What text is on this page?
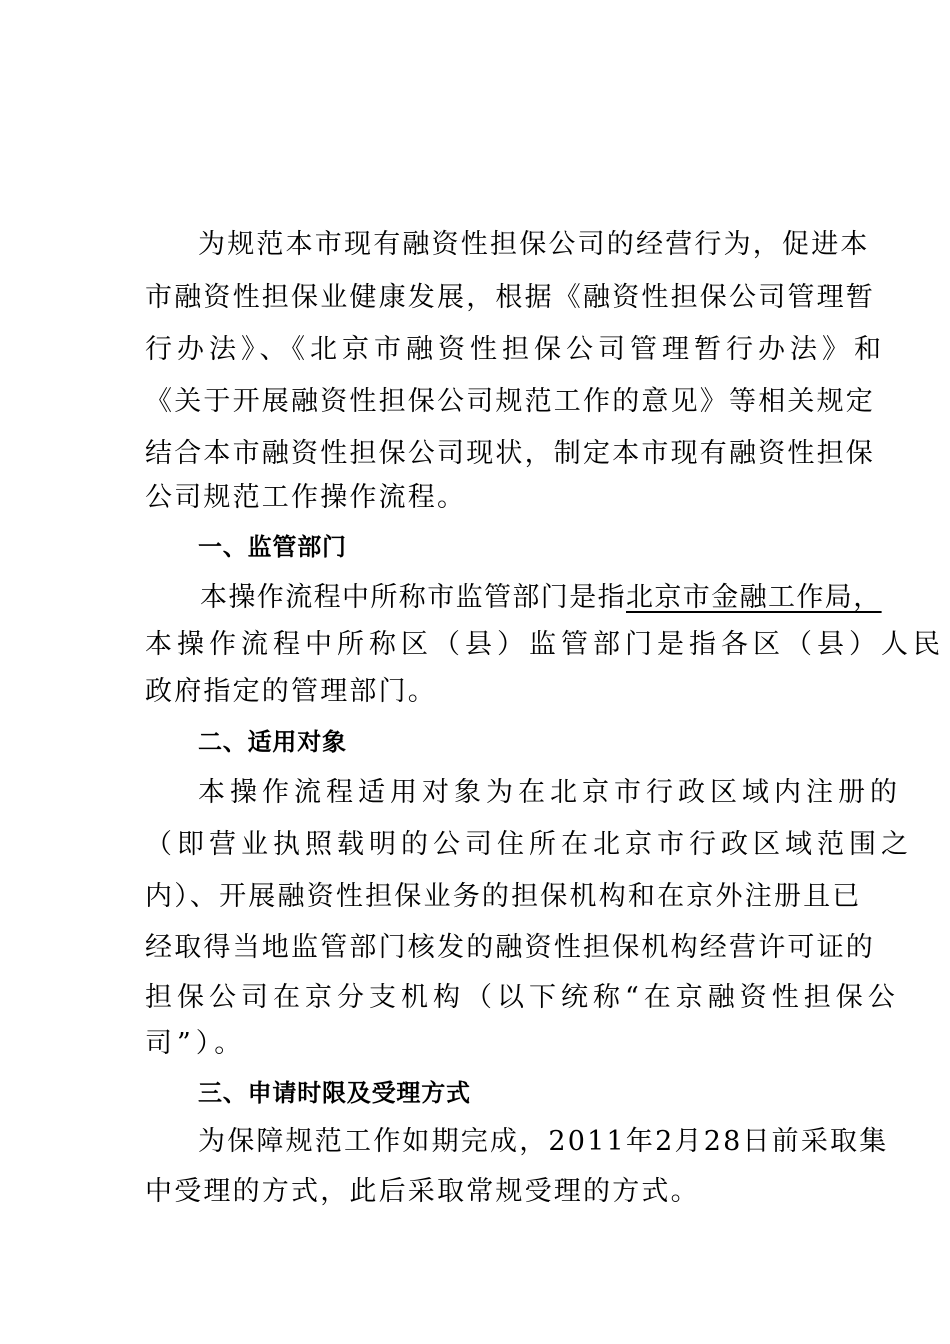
为规范本市现有融资性担保公司的经营行为，促进本
市融资性担保业健康发展，根据《融资性担保公司管理暂
行办法》、《北京市融资性担保公司管理暂行办法》和
《关于开展融资性担保公司规范工作的意见》等相关规定
结合本市融资性担保公司现状，制定本市现有融资性担保
公司规范工作操作流程。
一、监管部门
本操作流程中所称市监管部门是指北京市金融工作局，
本操作流程中所称区（县）监管部门是指各区（县）人民
政府指定的管理部门。
二、适用对象
本操作流程适用对象为在北京市行政区域内注册的
（即营业执照载明的公司住所在北京市行政区域范围之
内）、开展融资性担保业务的担保机构和在京外注册且已
经取得当地监管部门核发的融资性担保机构经营许可证的
担保公司在京分支机构（以下统称“在京融资性担保公
司”）。
三、申请时限及受理方式
为保障规范工作如期完成，2011年2月28日前采取集
中受理的方式，此后采取常规受理的方式。
